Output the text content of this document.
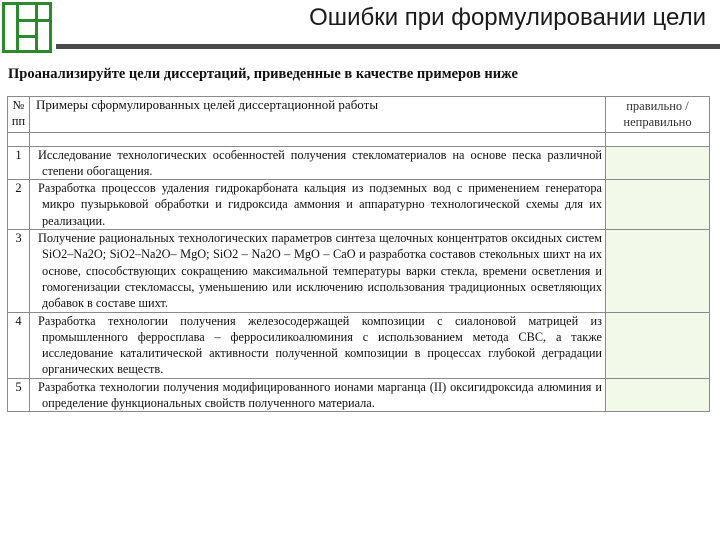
Ошибки при формулировании цели

Проанализируйте цели диссертаций, приведенные в качестве примеров ниже

№ пп	Примеры сформулированных целей диссертационной работы	правильно / неправильно

1	Исследование технологических особенностей получения стекломатериалов на основе песка различной степени обогащения.	

2	Разработка процессов удаления гидрокарбоната кальция из подземных вод с применением генератора микро пузырьковой обработки и гидроксида аммония и аппаратурно технологической схемы для их реализации.	

3	Получение рациональных технологических параметров синтеза щелочных концентратов оксидных систем SiO2–Na2O; SiO2–Na2O– MgO; SiO2 – Na2O – MgO – CaO и разработка составов стекольных шихт на их основе, способствующих сокращению максимальной температуры варки стекла, времени осветления и гомогенизации стекломассы, уменьшению или исключению использования традиционных осветляющих добавок в составе шихт.	

4	Разработка технологии получения железосодержащей композиции с сиалоновой матрицей из промышленного ферросплава – ферросиликоалюминия с использованием метода СВС, а также исследование каталитической активности полученной композиции в процессах глубокой деградации органических веществ.	

5	Разработка технологии получения модифицированного ионами марганца (II) оксигидроксида алюминия и определение функциональных свойств полученного материала.	
